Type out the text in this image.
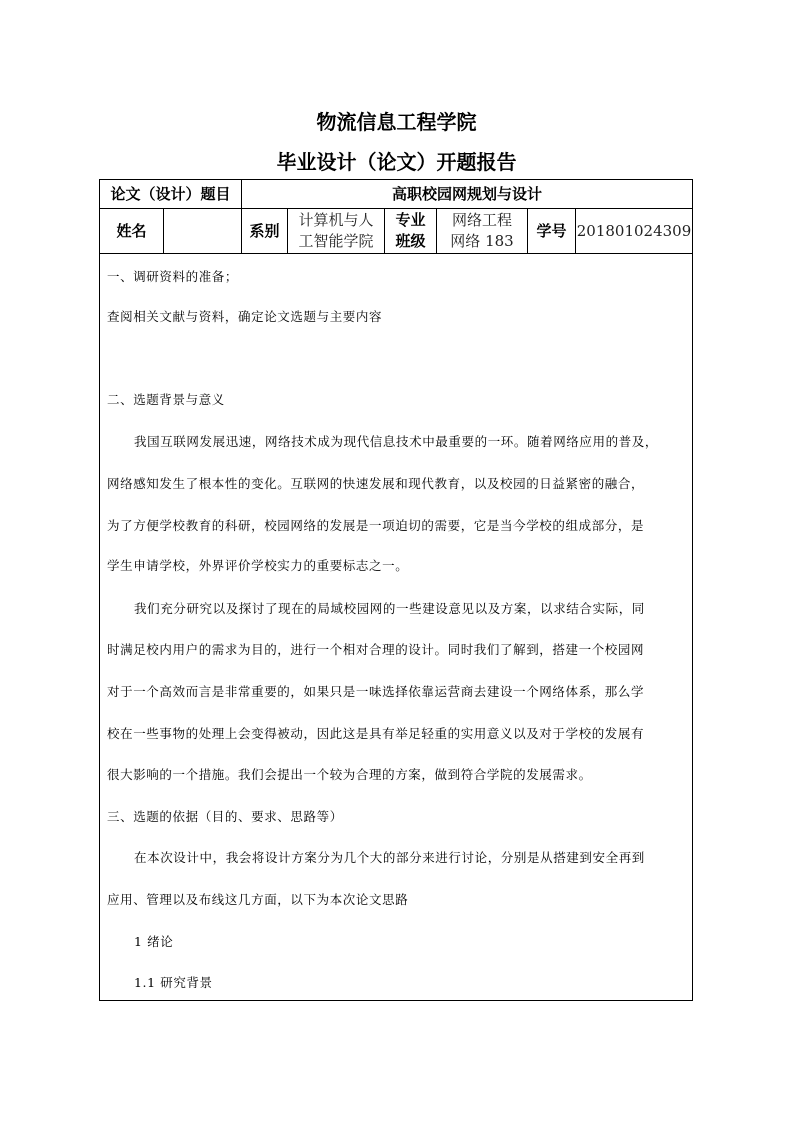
物流信息工程学院
毕业设计（论文）开题报告
论文（设计）题目	高职校园网规划与设计
姓名	系别
计算机与人
工智能学院
专业
班级
网络工程
网络 183
学号 201801024309
一、调研资料的准备；
查阅相关文献与资料，确定论文选题与主要内容
二、选题背景与意义
我国互联网发展迅速，网络技术成为现代信息技术中最重要的一环。随着网络应用的普及，
网络感知发生了根本性的变化。互联网的快速发展和现代教育，以及校园的日益紧密的融合，
为了方便学校教育的科研，校园网络的发展是一项迫切的需要，它是当今学校的组成部分，是
学生申请学校，外界评价学校实力的重要标志之一。
我们充分研究以及探讨了现在的局域校园网的一些建设意见以及方案，以求结合实际，同
时满足校内用户的需求为目的，进行一个相对合理的设计。同时我们了解到，搭建一个校园网
对于一个高效而言是非常重要的，如果只是一味选择依靠运营商去建设一个网络体系，那么学
校在一些事物的处理上会变得被动，因此这是具有举足轻重的实用意义以及对于学校的发展有
很大影响的一个措施。我们会提出一个较为合理的方案，做到符合学院的发展需求。
三、选题的依据（目的、要求、思路等）
在本次设计中，我会将设计方案分为几个大的部分来进行讨论，分别是从搭建到安全再到
应用、管理以及布线这几方面，以下为本次论文思路
1 绪论
1.1 研究背景
